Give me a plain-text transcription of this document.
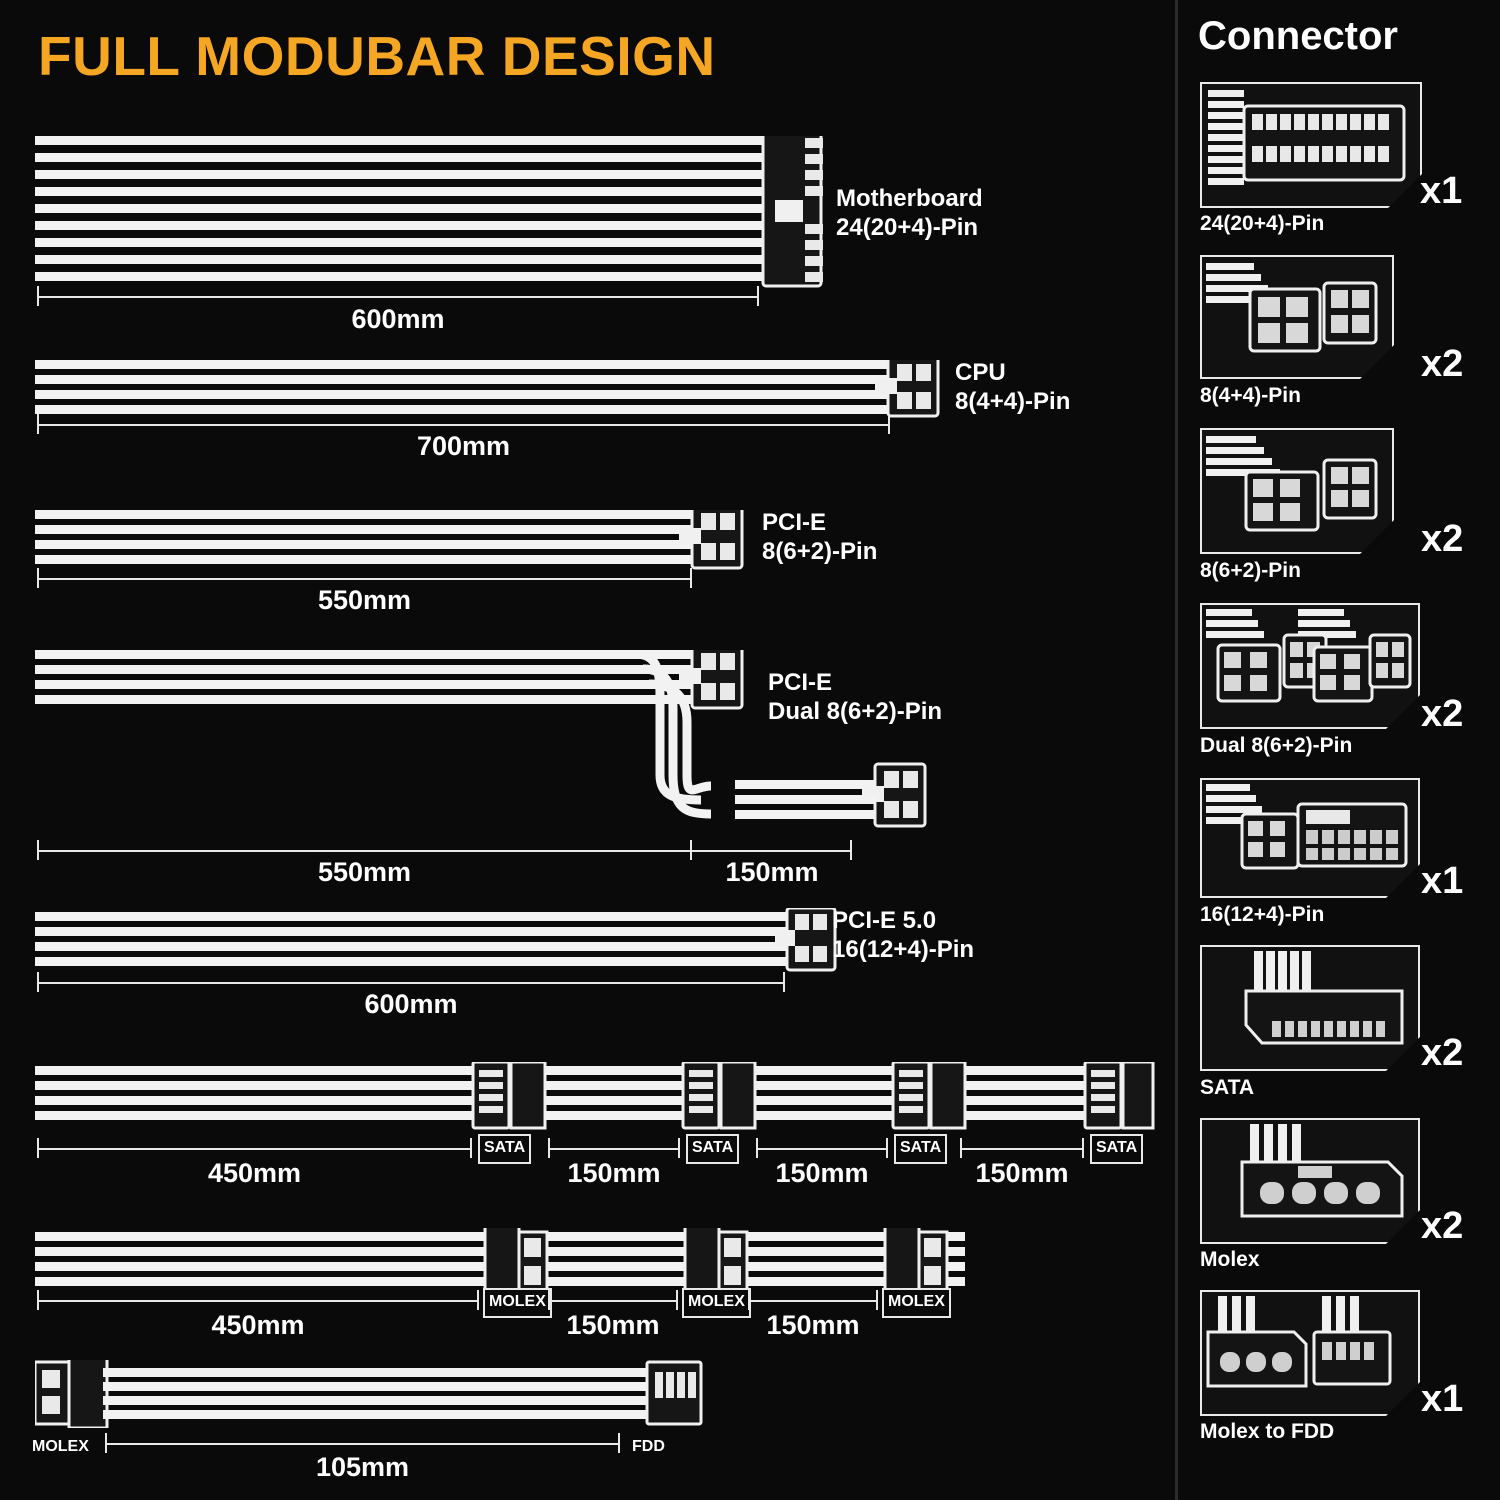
FULL MODUBAR DESIGN	Connector
x1
24(20+4)-Pin
x2
8(4+4)-Pin
x2
8(6+2)-Pin
x2
Dual 8(6+2)-Pin
x1
16(12+4)-Pin
x2
SATA
x2
Molex
x1
Molex to FDD
Motherboard
24(20+4)-Pin
600mm
CPU
8(4+4)-Pin
700mm
PCI-E
8(6+2)-Pin
550mm
PCI-E
Dual 8(6+2)-Pin
550mm	150mm
PCI-E 5.0
16(12+4)-Pin
600mm
450mm
SATA
150mm
SATA
150mm
SATA
150mm
SATA
450mm
MOLEX
150mm
MOLEX
150mm
MOLEX
MOLEX	FDD
105mm
